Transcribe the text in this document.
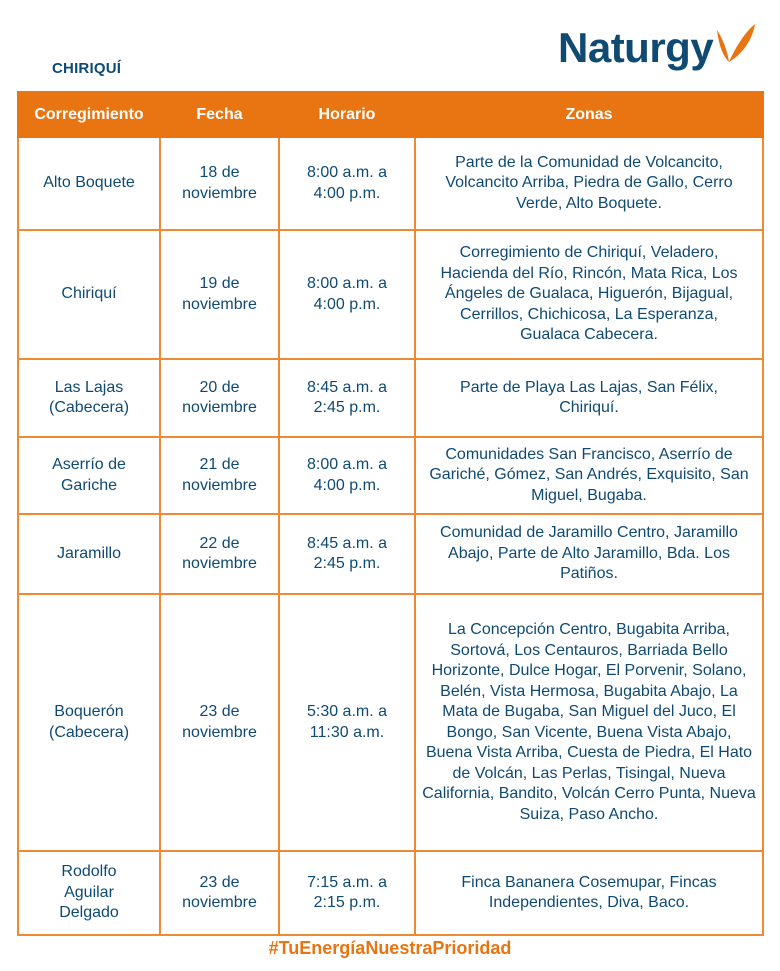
CHIRIQUÍ	Naturgy
Corregimiento	Fecha	Horario	Zonas
Alto Boquete	18 de noviembre	8:00 a.m. a 4:00 p.m.	Parte de la Comunidad de Volcancito, Volcancito Arriba, Piedra de Gallo, Cerro Verde, Alto Boquete.
Chiriquí	19 de noviembre	8:00 a.m. a 4:00 p.m.	Corregimiento de Chiriquí, Veladero, Hacienda del Río, Rincón, Mata Rica, Los Ángeles de Gualaca, Higuerón, Bijagual, Cerrillos, Chichicosa, La Esperanza, Gualaca Cabecera.
Las Lajas (Cabecera)	20 de noviembre	8:45 a.m. a 2:45 p.m.	Parte de Playa Las Lajas, San Félix, Chiriquí.
Aserrío de Gariche	21 de noviembre	8:00 a.m. a 4:00 p.m.	Comunidades San Francisco, Aserrío de Gariché, Gómez, San Andrés, Exquisito, San Miguel, Bugaba.
Jaramillo	22 de noviembre	8:45 a.m. a 2:45 p.m.	Comunidad de Jaramillo Centro, Jaramillo Abajo, Parte de Alto Jaramillo, Bda. Los Patiños.
Boquerón (Cabecera)	23 de noviembre	5:30 a.m. a 11:30 a.m.	La Concepción Centro, Bugabita Arriba, Sortová, Los Centauros, Barriada Bello Horizonte, Dulce Hogar, El Porvenir, Solano, Belén, Vista Hermosa, Bugabita Abajo, La Mata de Bugaba, San Miguel del Juco, El Bongo, San Vicente, Buena Vista Abajo, Buena Vista Arriba, Cuesta de Piedra, El Hato de Volcán, Las Perlas, Tisingal, Nueva California, Bandito, Volcán Cerro Punta, Nueva Suiza, Paso Ancho.
Rodolfo Aguilar Delgado	23 de noviembre	7:15 a.m. a 2:15 p.m.	Finca Bananera Cosemupar, Fincas Independientes, Diva, Baco.
#TuEnergíaNuestraPrioridad
